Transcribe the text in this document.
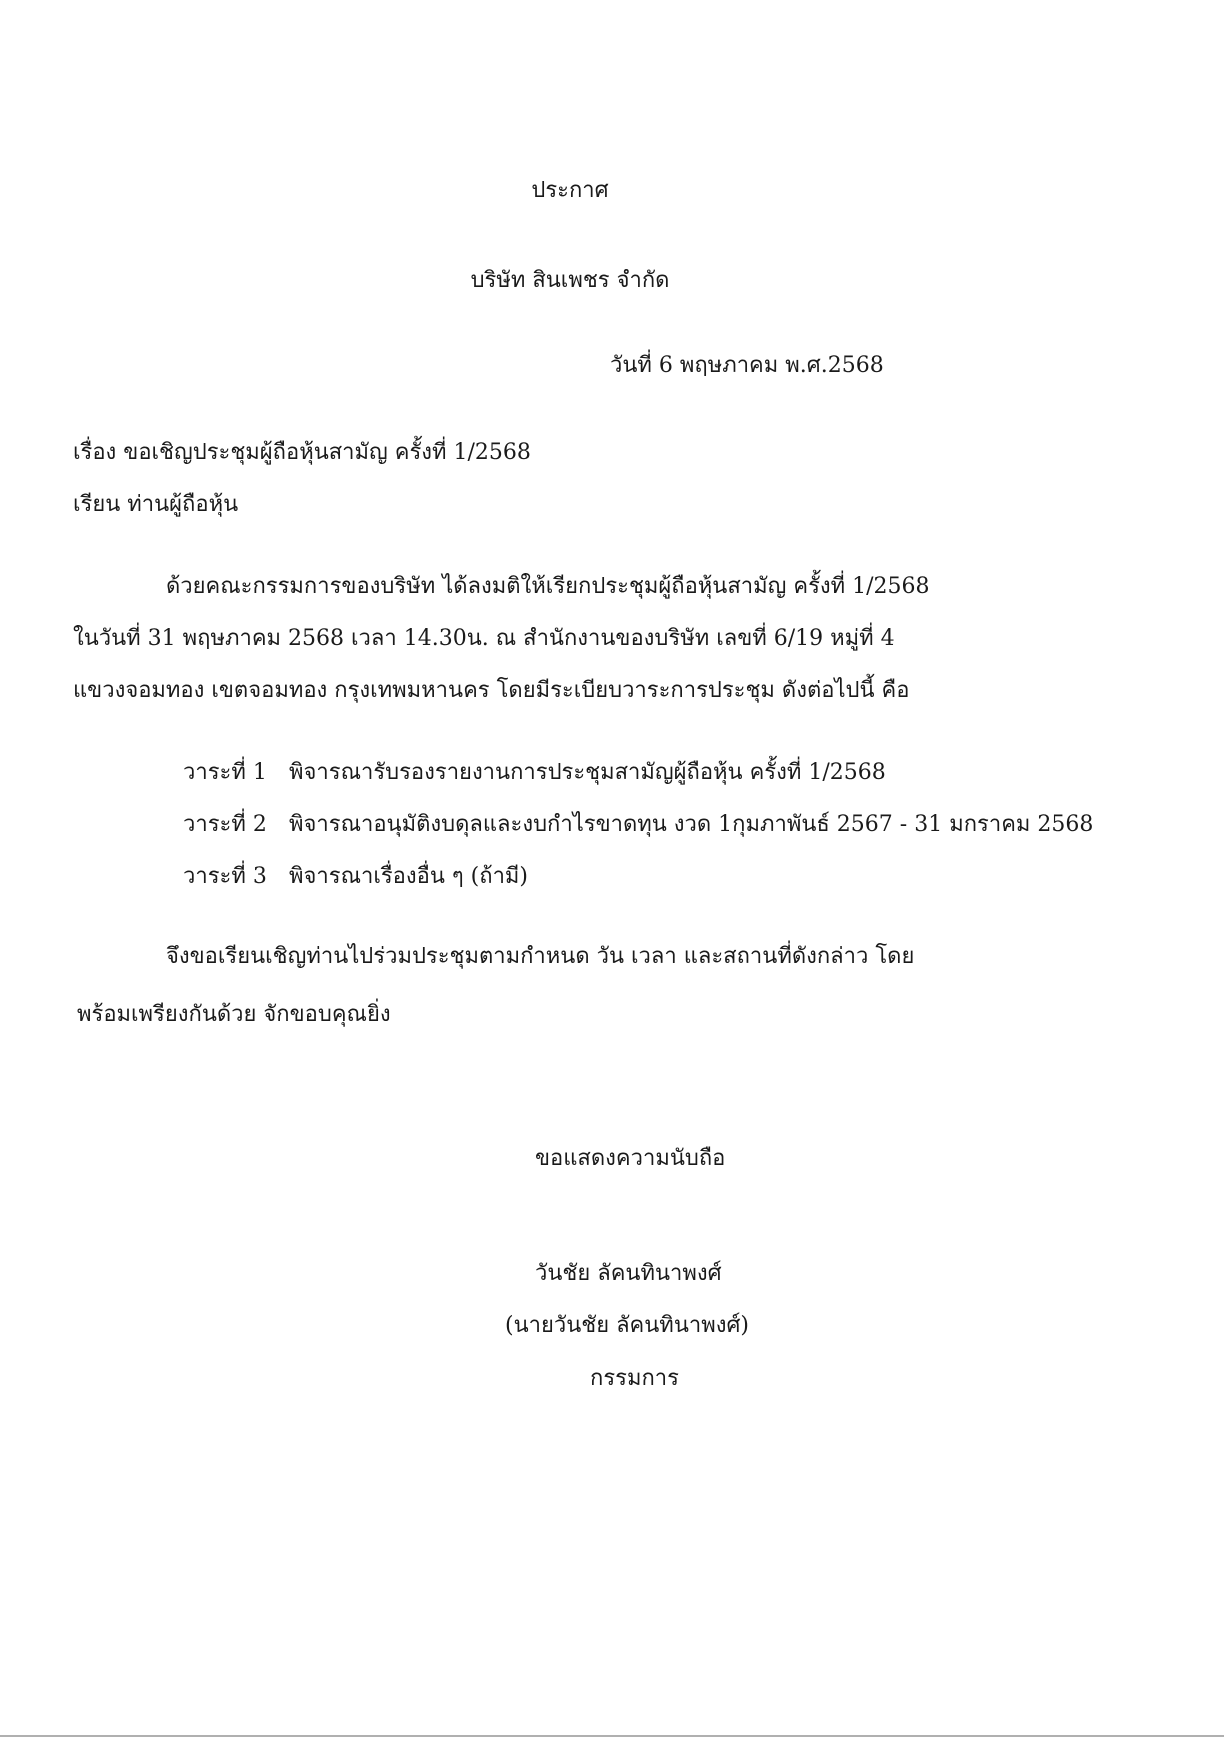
ประกาศ
บริษัท สินเพชร จำกัด
วันที่ 6 พฤษภาคม พ.ศ.2568
เรื่อง ขอเชิญประชุมผู้ถือหุ้นสามัญ ครั้งที่ 1/2568
เรียน ท่านผู้ถือหุ้น
ด้วยคณะกรรมการของบริษัท ได้ลงมติให้เรียกประชุมผู้ถือหุ้นสามัญ ครั้งที่ 1/2568
ในวันที่ 31 พฤษภาคม 2568 เวลา 14.30น. ณ สำนักงานของบริษัท เลขที่ 6/19 หมู่ที่ 4
แขวงจอมทอง เขตจอมทอง กรุงเทพมหานคร โดยมีระเบียบวาระการประชุม ดังต่อไปนี้ คือ
วาระที่ 1 พิจารณารับรองรายงานการประชุมสามัญผู้ถือหุ้น ครั้งที่ 1/2568
วาระที่ 2 พิจารณาอนุมัติงบดุลและงบกำไรขาดทุน งวด 1กุมภาพันธ์ 2567 - 31 มกราคม 2568
วาระที่ 3 พิจารณาเรื่องอื่น ๆ (ถ้ามี)
จึงขอเรียนเชิญท่านไปร่วมประชุมตามกำหนด วัน เวลา และสถานที่ดังกล่าว โดย
พร้อมเพรียงกันด้วย จักขอบคุณยิ่ง
ขอแสดงความนับถือ
วันชัย ลัคนทินาพงศ์
(นายวันชัย ลัคนทินาพงศ์)
กรรมการ
